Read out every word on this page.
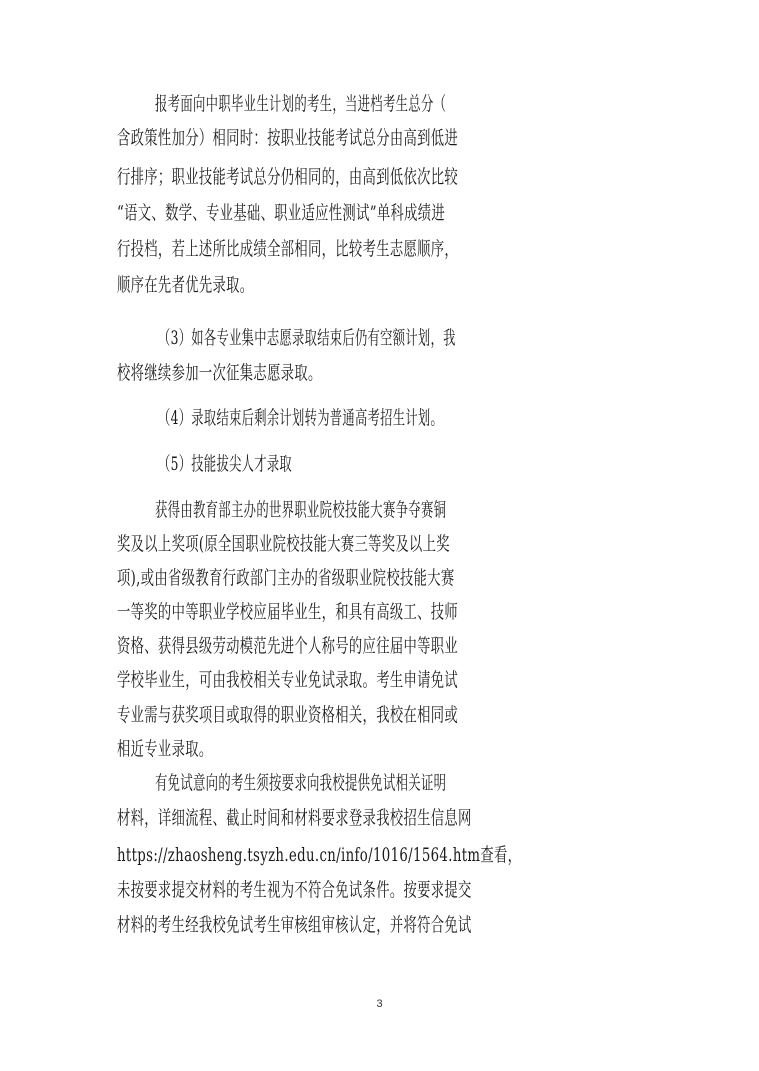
报考面向中职毕业生计划的考生，当进档考生总分（

含政策性加分）相同时：按职业技能考试总分由高到低进

行排序；职业技能考试总分仍相同的，由高到低依次比较

“语文、数学、专业基础、职业适应性测试”单科成绩进

行投档，若上述所比成绩全部相同，比较考生志愿顺序，

顺序在先者优先录取。

（3）如各专业集中志愿录取结束后仍有空额计划，我

校将继续参加一次征集志愿录取。

（4）录取结束后剩余计划转为普通高考招生计划。

（5）技能拔尖人才录取

获得由教育部主办的世界职业院校技能大赛争夺赛铜

奖及以上奖项(原全国职业院校技能大赛三等奖及以上奖

项),或由省级教育行政部门主办的省级职业院校技能大赛

一等奖的中等职业学校应届毕业生，和具有高级工、技师

资格、获得县级劳动模范先进个人称号的应往届中等职业

学校毕业生，可由我校相关专业免试录取。考生申请免试

专业需与获奖项目或取得的职业资格相关，我校在相同或

相近专业录取。

有免试意向的考生须按要求向我校提供免试相关证明

材料，详细流程、截止时间和材料要求登录我校招生信息网

https://zhaosheng.tsyzh.edu.cn/info/1016/1564.htm查看，

未按要求提交材料的考生视为不符合免试条件。按要求提交

材料的考生经我校免试考生审核组审核认定，并将符合免试

3
